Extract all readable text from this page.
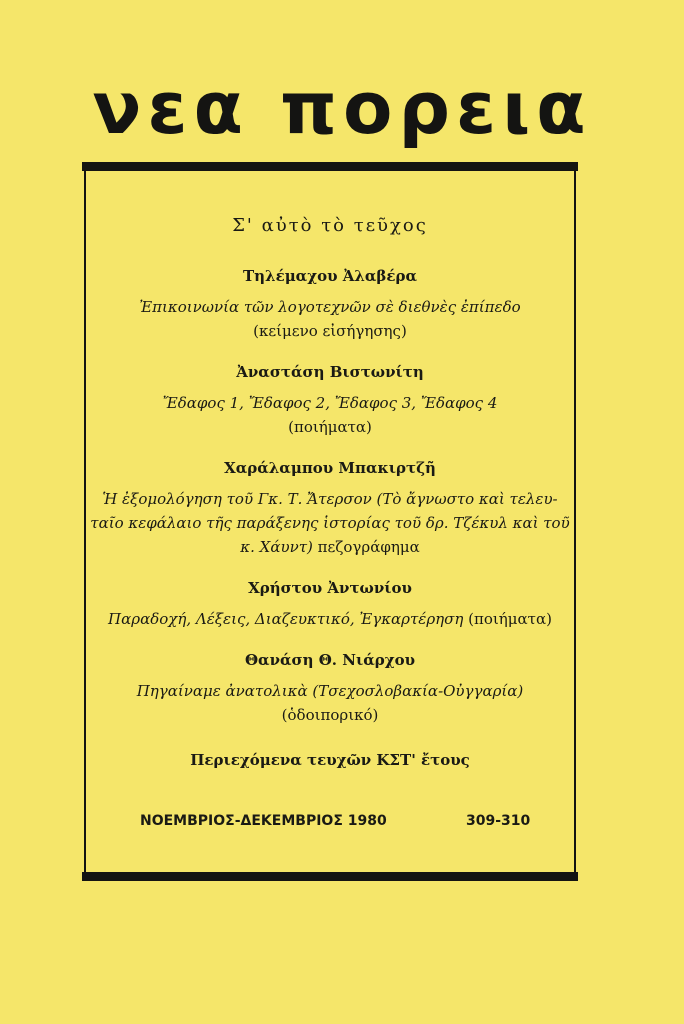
νεα πορεια
Σ' αὐτὸ τὸ τεῦχος
Τηλέμαχου Ἀλαβέρα
Ἐπικοινωνία τῶν λογοτεχνῶν σὲ διεθνὲς ἐπίπεδο
(κείμενο εἰσήγησης)
Ἀναστάση Βιστωνίτη
Ἔδαφος 1, Ἔδαφος 2, Ἔδαφος 3, Ἔδαφος 4
(ποιήματα)
Χαράλαμπου Μπακιρτζῆ
Ἡ ἐξομολόγηση τοῦ Γκ. Τ. Ἄτερσον (Τὸ ἄγνωστο καὶ τελευ-
ταῖο κεφάλαιο τῆς παράξενης ἱστορίας τοῦ δρ. Τζέκυλ καὶ τοῦ
κ. Χάυντ) πεζογράφημα
Χρήστου Ἀντωνίου
Παραδοχή, Λέξεις, Διαζευκτικό, Ἐγκαρτέρηση (ποιήματα)
Θανάση Θ. Νιάρχου
Πηγαίναμε ἀνατολικὰ (Τσεχοσλοβακία-Οὐγγαρία)
(ὁδοιπορικό)
Περιεχόμενα τευχῶν ΚΣΤ' ἔτους
ΝΟΕΜΒΡΙΟΣ-ΔΕΚΕΜΒΡΙΟΣ 1980	309-310
